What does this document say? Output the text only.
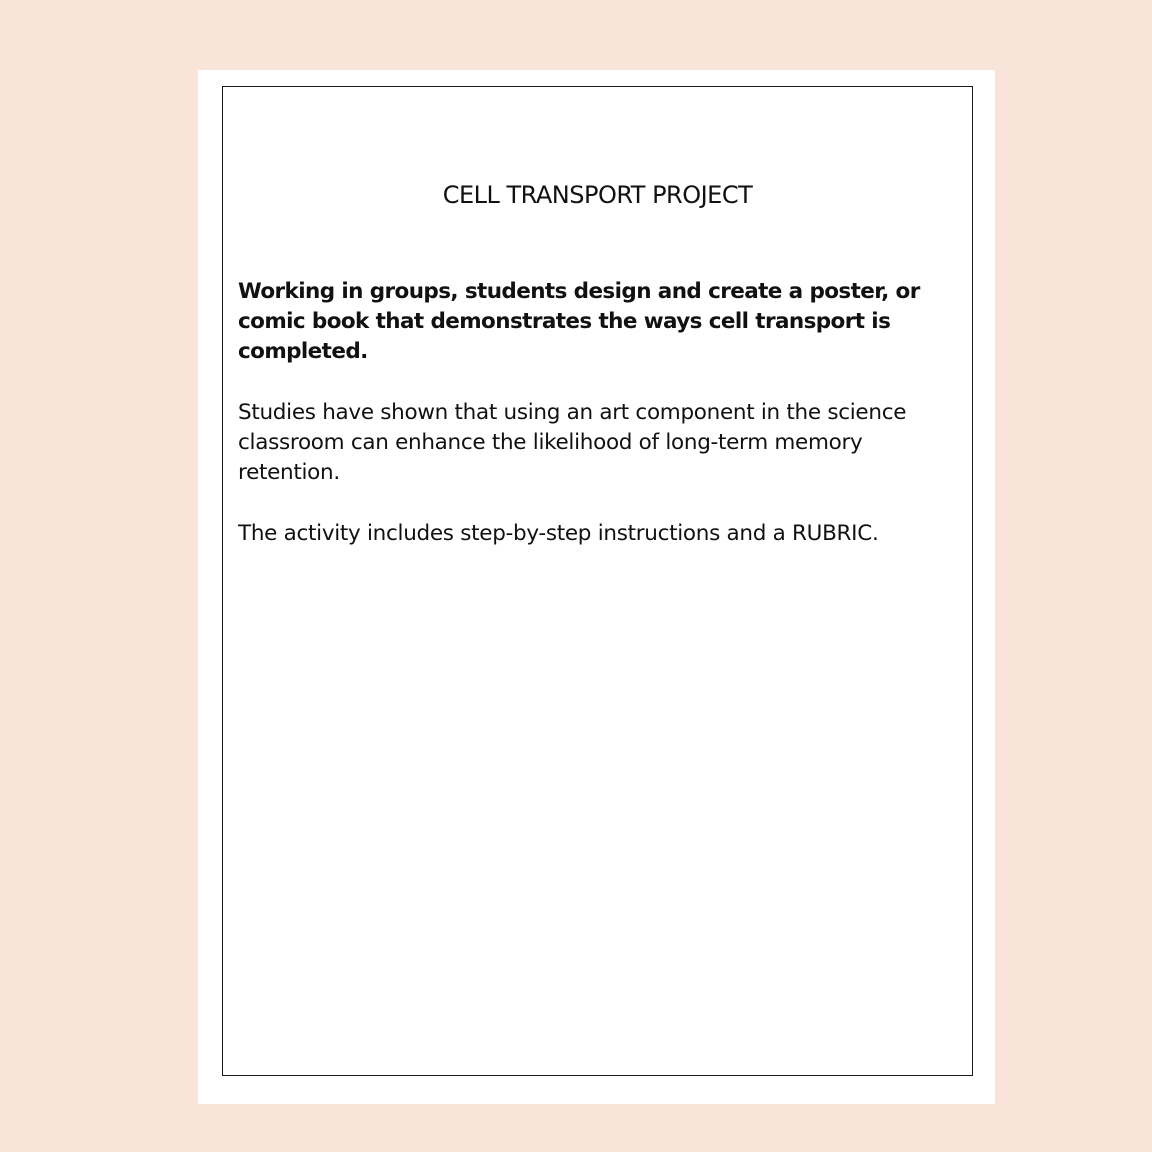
CELL TRANSPORT PROJECT

Working in groups, students design and create a poster, or comic book that demonstrates the ways cell transport is completed.

Studies have shown that using an art component in the science classroom can enhance the likelihood of long-term memory retention.

The activity includes step-by-step instructions and a RUBRIC.
